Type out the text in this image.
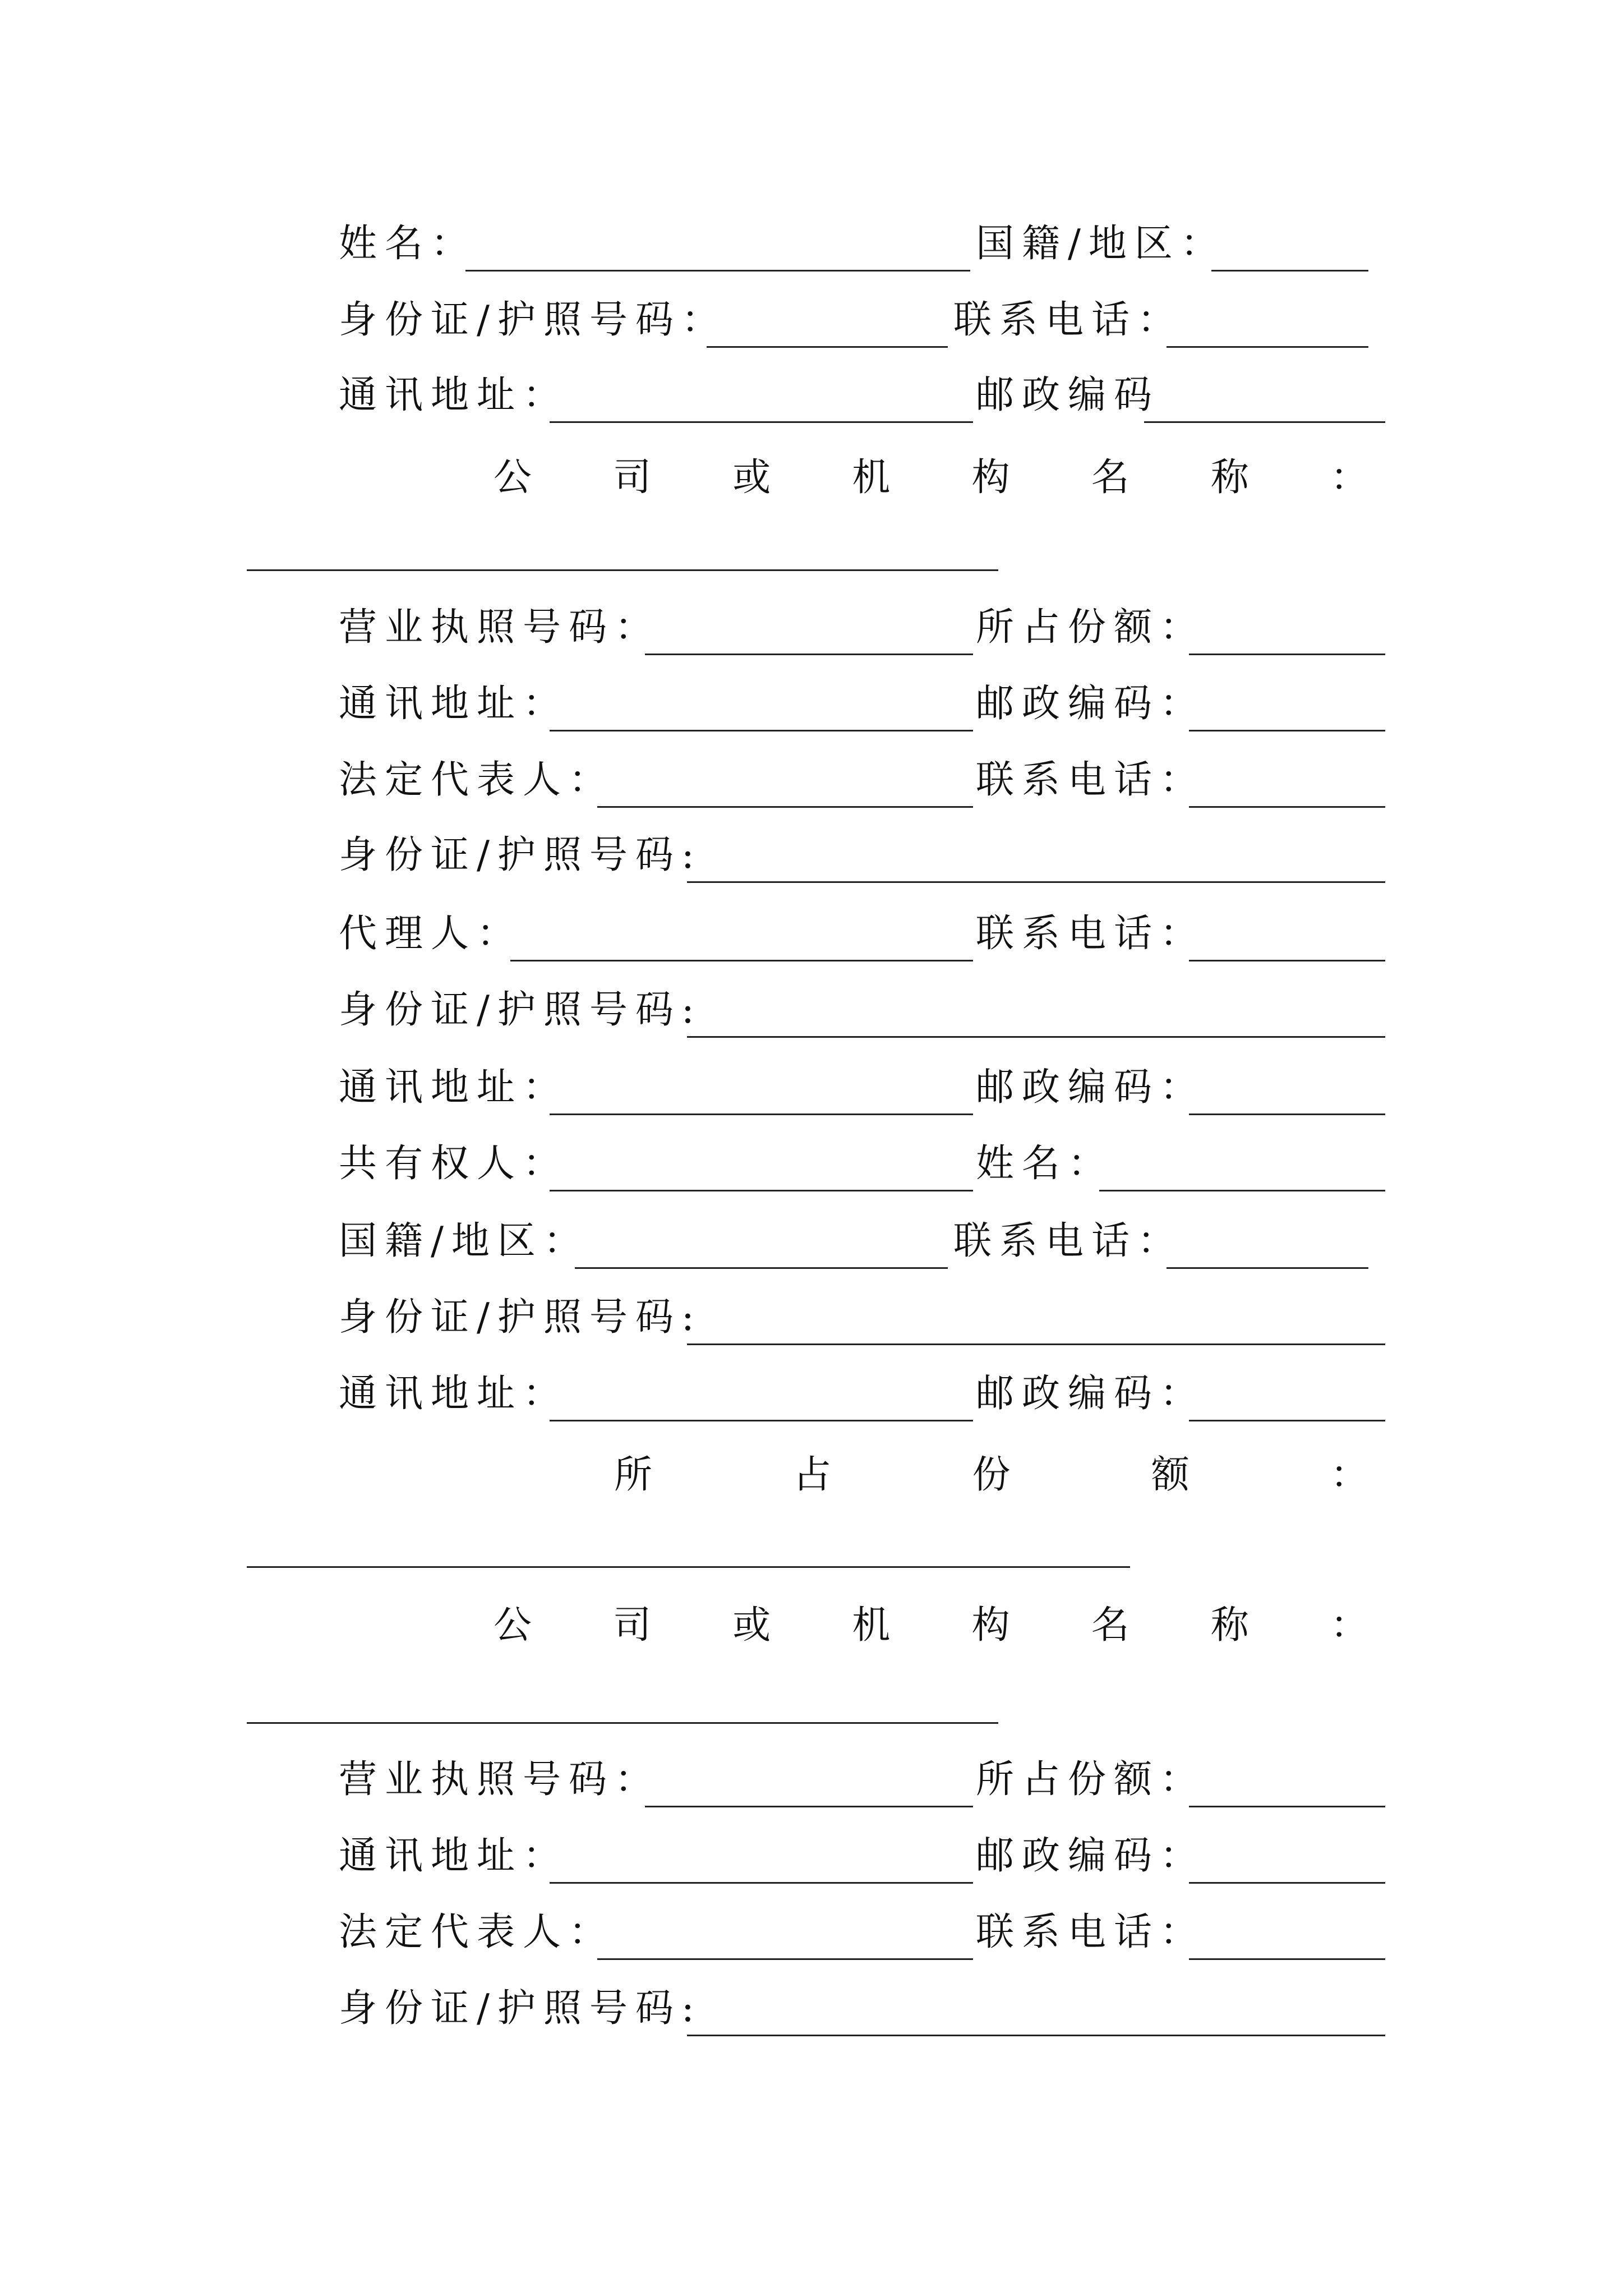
姓名：	国籍/地区：
身份证/护照号码：	联系电话：
通讯地址：	邮政编码
公 司 或 机 构 名 称 ：
营业执照号码：	所占份额：
通讯地址：	邮政编码：
法定代表人：	联系电话：
身份证/护照号码:
代理人：	联系电话：
身份证/护照号码:
通讯地址：	邮政编码：
共有权人：	姓名：
国籍/地区：	联系电话：
身份证/护照号码:
通讯地址：	邮政编码：
所	占	份	额	：
公 司 或 机 构 名 称 ：
营业执照号码：	所占份额：
通讯地址：	邮政编码：
法定代表人：	联系电话：
身份证/护照号码:
